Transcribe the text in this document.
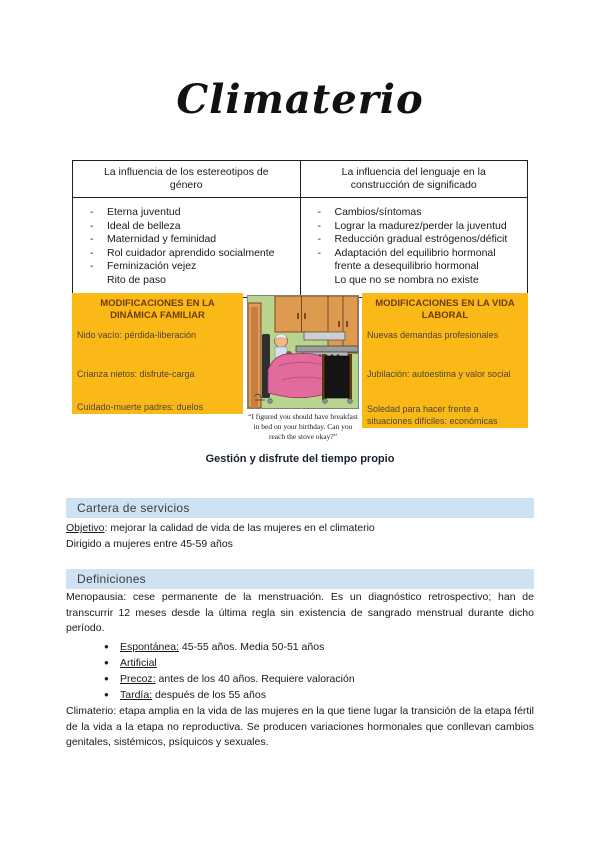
Climaterio
La influencia de los estereotipos de género	La influencia del lenguaje en la construcción de significado

- Eterna juventud
- Ideal de belleza
- Maternidad y feminidad
- Rol cuidador aprendido socialmente
- Feminización vejez
Rito de paso

- Cambios/síntomas
- Lograr la madurez/perder la juventud
- Reducción gradual estrógenos/déficit
- Adaptación del equilibrio hormonal frente a desequilibrio hormonal
Lo que no se nombra no existe
MODIFICACIONES EN LA DINÁMICA FAMILIAR

Nido vacío: pérdida-liberación

Crianza nietos: disfrute-carga

Cuidado-muerte padres: duelos

“I figured you should have breakfast in bed on your birthday. Can you reach the stove okay?”
MODIFICACIONES EN LA VIDA LABORAL

Nuevas demandas profesionales

Jubilación: autoestima y valor social

Soledad para hacer frente a situaciones difíciles: económicas

Gestión y disfrute del tiempo propio
Cartera de servicios

Objetivo: mejorar la calidad de vida de las mujeres en el climaterio

Dirigido a mujeres entre 45-59 años

Definiciones

Menopausia: cese permanente de la menstruación. Es un diagnóstico retrospectivo; han de transcurrir 12 meses desde la última regla sin existencia de sangrado menstrual durante dicho período.

● Espontánea: 45-55 años. Media 50-51 años
● Artificial
● Precoz: antes de los 40 años. Requiere valoración
● Tardía: después de los 55 años

Climaterio: etapa amplia en la vida de las mujeres en la que tiene lugar la transición de la etapa fértil de la vida a la etapa no reproductiva. Se producen variaciones hormonales que conllevan cambios genitales, sistémicos, psíquicos y sexuales.
